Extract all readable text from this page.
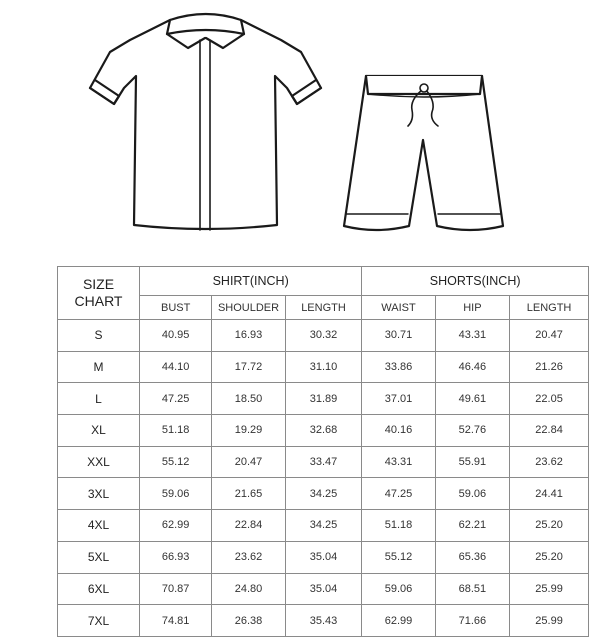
SIZE
CHART	SHIRT(INCH)			SHORTS(INCH)		
	BUST	SHOULDER	LENGTH	WAIST	HIP	LENGTH
S	40.95	16.93	30.32	30.71	43.31	20.47
M	44.10	17.72	31.10	33.86	46.46	21.26
L	47.25	18.50	31.89	37.01	49.61	22.05
XL	51.18	19.29	32.68	40.16	52.76	22.84
XXL	55.12	20.47	33.47	43.31	55.91	23.62
3XL	59.06	21.65	34.25	47.25	59.06	24.41
4XL	62.99	22.84	34.25	51.18	62.21	25.20
5XL	66.93	23.62	35.04	55.12	65.36	25.20
6XL	70.87	24.80	35.04	59.06	68.51	25.99
7XL	74.81	26.38	35.43	62.99	71.66	25.99
